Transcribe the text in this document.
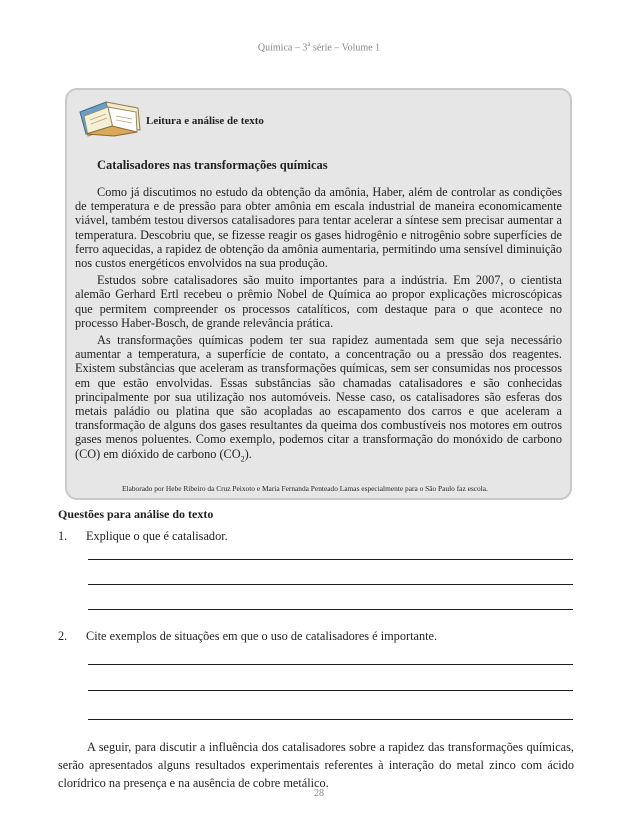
Química – 3$^a$ série – Volume 1
Leitura e análise de texto
Catalisadores nas transformações químicas

Como já discutimos no estudo da obtenção da amônia, Haber, além de controlar as condições de temperatura e de pressão para obter amônia em escala industrial de maneira economicamente viável, também testou diversos catalisadores para tentar acelerar a síntese sem precisar aumentar a temperatura. Descobriu que, se fizesse reagir os gases hidrogênio e nitrogênio sobre superfícies de ferro aquecidas, a rapidez de obtenção da amônia aumentaria, permitindo uma sensível diminuição nos custos energéticos envolvidos na sua produção.

Estudos sobre catalisadores são muito importantes para a indústria. Em 2007, o cientista alemão Gerhard Ertl recebeu o prêmio Nobel de Química ao propor explicações microscópicas que permitem compreender os processos catalíticos, com destaque para o que acontece no processo Haber-Bosch, de grande relevância prática.

As transformações químicas podem ter sua rapidez aumentada sem que seja necessário aumentar a temperatura, a superfície de contato, a concentração ou a pressão dos reagentes. Existem substâncias que aceleram as transformações químicas, sem ser consumidas nos processos em que estão envolvidas. Essas substâncias são chamadas catalisadores e são conhecidas principalmente por sua utilização nos automóveis. Nesse caso, os catalisadores são esferas dos metais paládio ou platina que são acopladas ao escapamento dos carros e que aceleram a transformação de alguns dos gases resultantes da queima dos combustíveis nos motores em outros gases menos poluentes. Como exemplo, podemos citar a transformação do monóxido de carbono (CO) em dióxido de carbono $(CO_2)$.

Elaborado por Hebe Ribeiro da Cruz Peixoto e Maria Fernanda Penteado Lamas especialmente para o São Paulo faz escola.
Questões para análise do texto
1. Explique o que é catalisador.
2. Cite exemplos de situações em que o uso de catalisadores é importante.

A seguir, para discutir a influência dos catalisadores sobre a rapidez das transformações químicas, serão apresentados alguns resultados experimentais referentes à interação do metal zinco com ácido clorídrico na presença e na ausência de cobre metálico.

28
